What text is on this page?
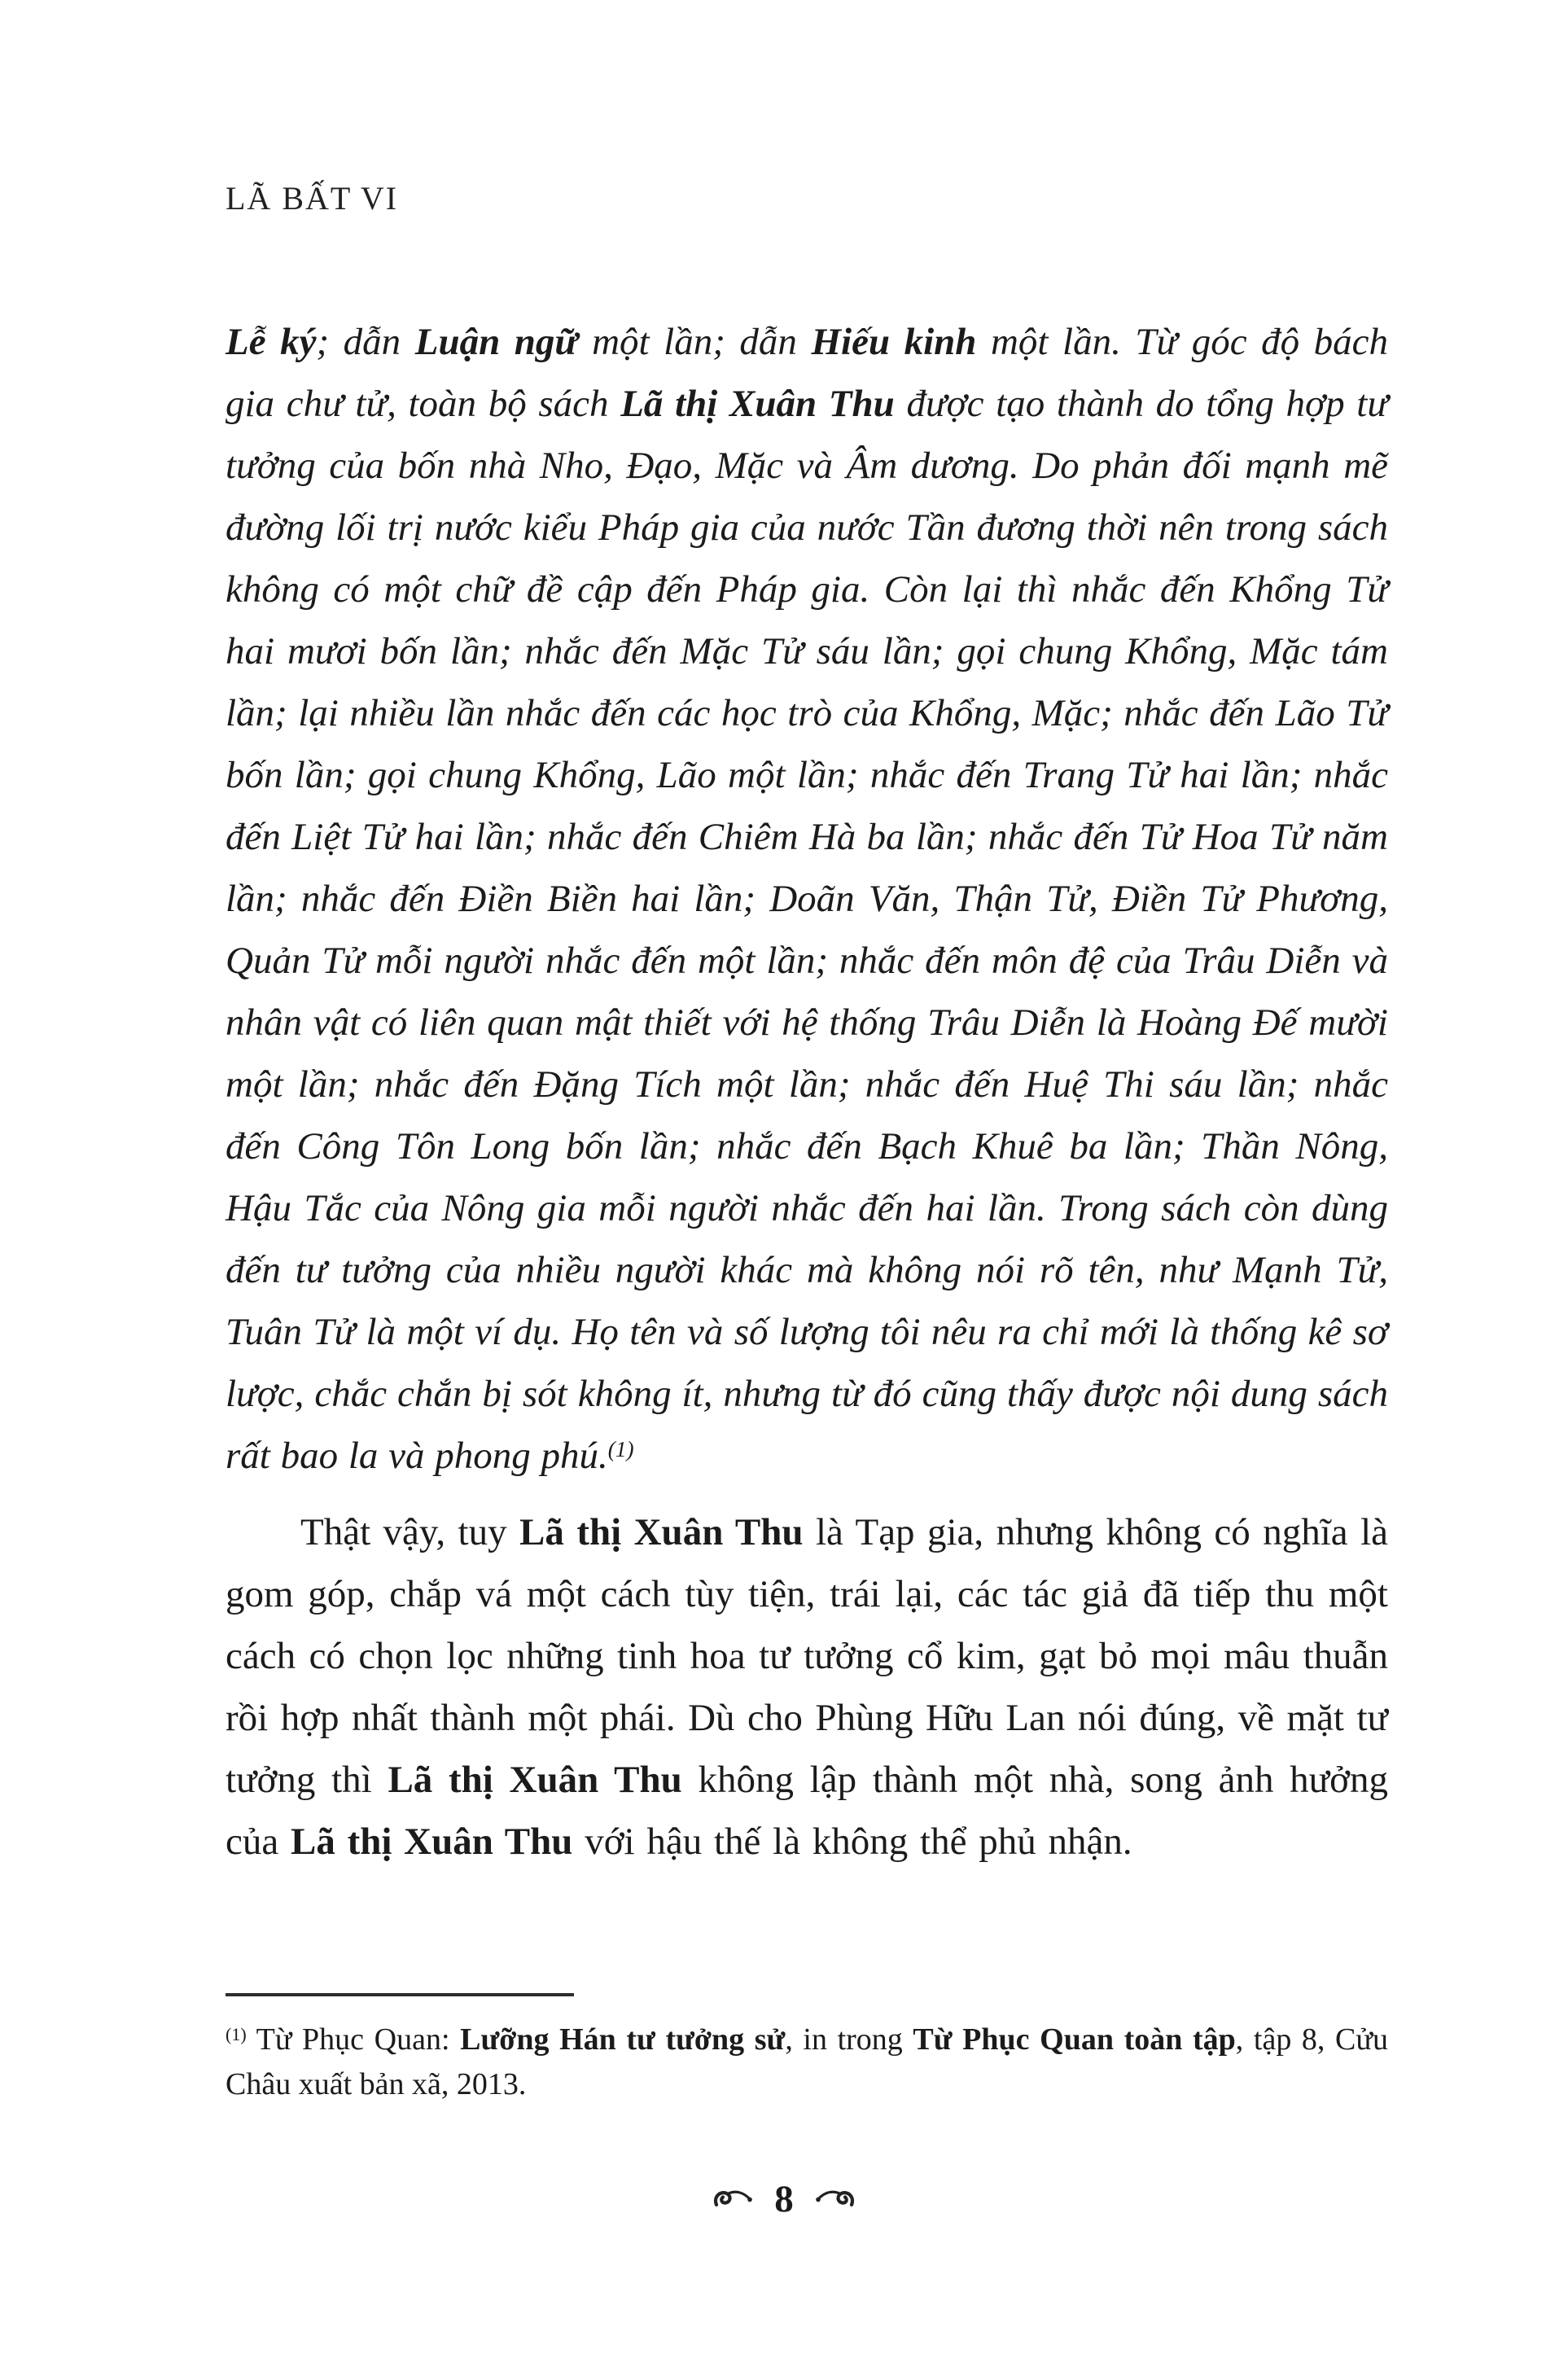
LÃ BẤT VI

Lễ ký; dẫn Luận ngữ một lần; dẫn Hiếu kinh một lần. Từ góc độ bách gia chư tử, toàn bộ sách Lã thị Xuân Thu được tạo thành do tổng hợp tư tưởng của bốn nhà Nho, Đạo, Mặc và Âm dương. Do phản đối mạnh mẽ đường lối trị nước kiểu Pháp gia của nước Tần đương thời nên trong sách không có một chữ đề cập đến Pháp gia. Còn lại thì nhắc đến Khổng Tử hai mươi bốn lần; nhắc đến Mặc Tử sáu lần; gọi chung Khổng, Mặc tám lần; lại nhiều lần nhắc đến các học trò của Khổng, Mặc; nhắc đến Lão Tử bốn lần; gọi chung Khổng, Lão một lần; nhắc đến Trang Tử hai lần; nhắc đến Liệt Tử hai lần; nhắc đến Chiêm Hà ba lần; nhắc đến Tử Hoa Tử năm lần; nhắc đến Điền Biền hai lần; Doãn Văn, Thận Tử, Điền Tử Phương, Quản Tử mỗi người nhắc đến một lần; nhắc đến môn đệ của Trâu Diễn và nhân vật có liên quan mật thiết với hệ thống Trâu Diễn là Hoàng Đế mười một lần; nhắc đến Đặng Tích một lần; nhắc đến Huệ Thi sáu lần; nhắc đến Công Tôn Long bốn lần; nhắc đến Bạch Khuê ba lần; Thần Nông, Hậu Tắc của Nông gia mỗi người nhắc đến hai lần. Trong sách còn dùng đến tư tưởng của nhiều người khác mà không nói rõ tên, như Mạnh Tử, Tuân Tử là một ví dụ. Họ tên và số lượng tôi nêu ra chỉ mới là thống kê sơ lược, chắc chắn bị sót không ít, nhưng từ đó cũng thấy được nội dung sách rất bao la và phong phú.$^{(1)}$

Thật vậy, tuy Lã thị Xuân Thu là Tạp gia, nhưng không có nghĩa là gom góp, chắp vá một cách tùy tiện, trái lại, các tác giả đã tiếp thu một cách có chọn lọc những tinh hoa tư tưởng cổ kim, gạt bỏ mọi mâu thuẫn rồi hợp nhất thành một phái. Dù cho Phùng Hữu Lan nói đúng, về mặt tư tưởng thì Lã thị Xuân Thu không lập thành một nhà, song ảnh hưởng của Lã thị Xuân Thu với hậu thế là không thể phủ nhận.

$^{(1)}$ Từ Phục Quan: Lưỡng Hán tư tưởng sử, in trong Từ Phục Quan toàn tập, tập 8, Cửu Châu xuất bản xã, 2013.

8
